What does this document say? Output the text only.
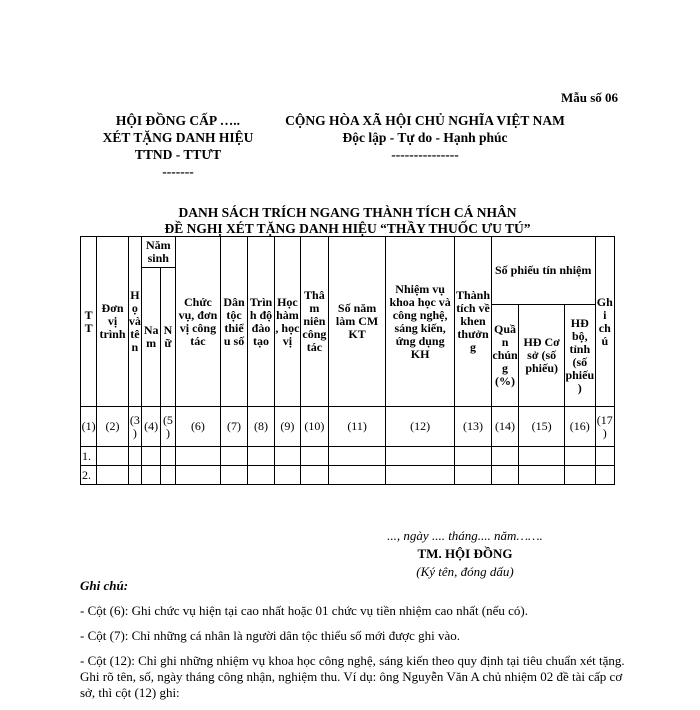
Mẫu số 06
HỘI ĐỒNG CẤP …..
XÉT TẶNG DANH HIỆU
TTND - TTƯT
-------
CỘNG HÒA XÃ HỘI CHỦ NGHĨA VIỆT NAM
Độc lập - Tự do - Hạnh phúc
---------------
DANH SÁCH TRÍCH NGANG THÀNH TÍCH CÁ NHÂN
ĐỀ NGHỊ XÉT TẶNG DANH HIỆU “THẦY THUỐC ƯU TÚ”
TT	Đơn vị trình	Họ và tên	Năm sinh		Chức vụ, đơn vị công tác	Dân tộc thiểu số	Trình độ đào tạo	Học hàm, học vị	Thâm niên công tác	Số năm làm CM KT	Nhiệm vụ khoa học và công nghệ, sáng kiến, ứng dụng KH	Thành tích về khen thưởng	Số phiếu tín nhiệm			Ghi chú
			Nam	Nữ												
													Quần chúng (%)	HĐ Cơ sở (số phiếu)	HĐ bộ, tỉnh (số phiếu)	
(1)	(2)	(3)	(4)	(5)	(6)	(7)	(8)	(9)	(10)	(11)	(12)	(13)	(14)	(15)	(16)	(17)
1.																
2.																
..., ngày .... tháng.... năm…….
TM. HỘI ĐỒNG
(Ký tên, đóng dấu)
Ghi chú:

- Cột (6): Ghi chức vụ hiện tại cao nhất hoặc 01 chức vụ tiền nhiệm cao nhất (nếu có).

- Cột (7): Chỉ những cá nhân là người dân tộc thiểu số mới được ghi vào.

- Cột (12): Chỉ ghi những nhiệm vụ khoa học công nghệ, sáng kiến theo quy định tại tiêu chuẩn xét tặng. Ghi rõ tên, số, ngày tháng công nhận, nghiệm thu. Ví dụ: ông Nguyễn Văn A chủ nhiệm 02 đề tài cấp cơ sở, thì cột (12) ghi:
